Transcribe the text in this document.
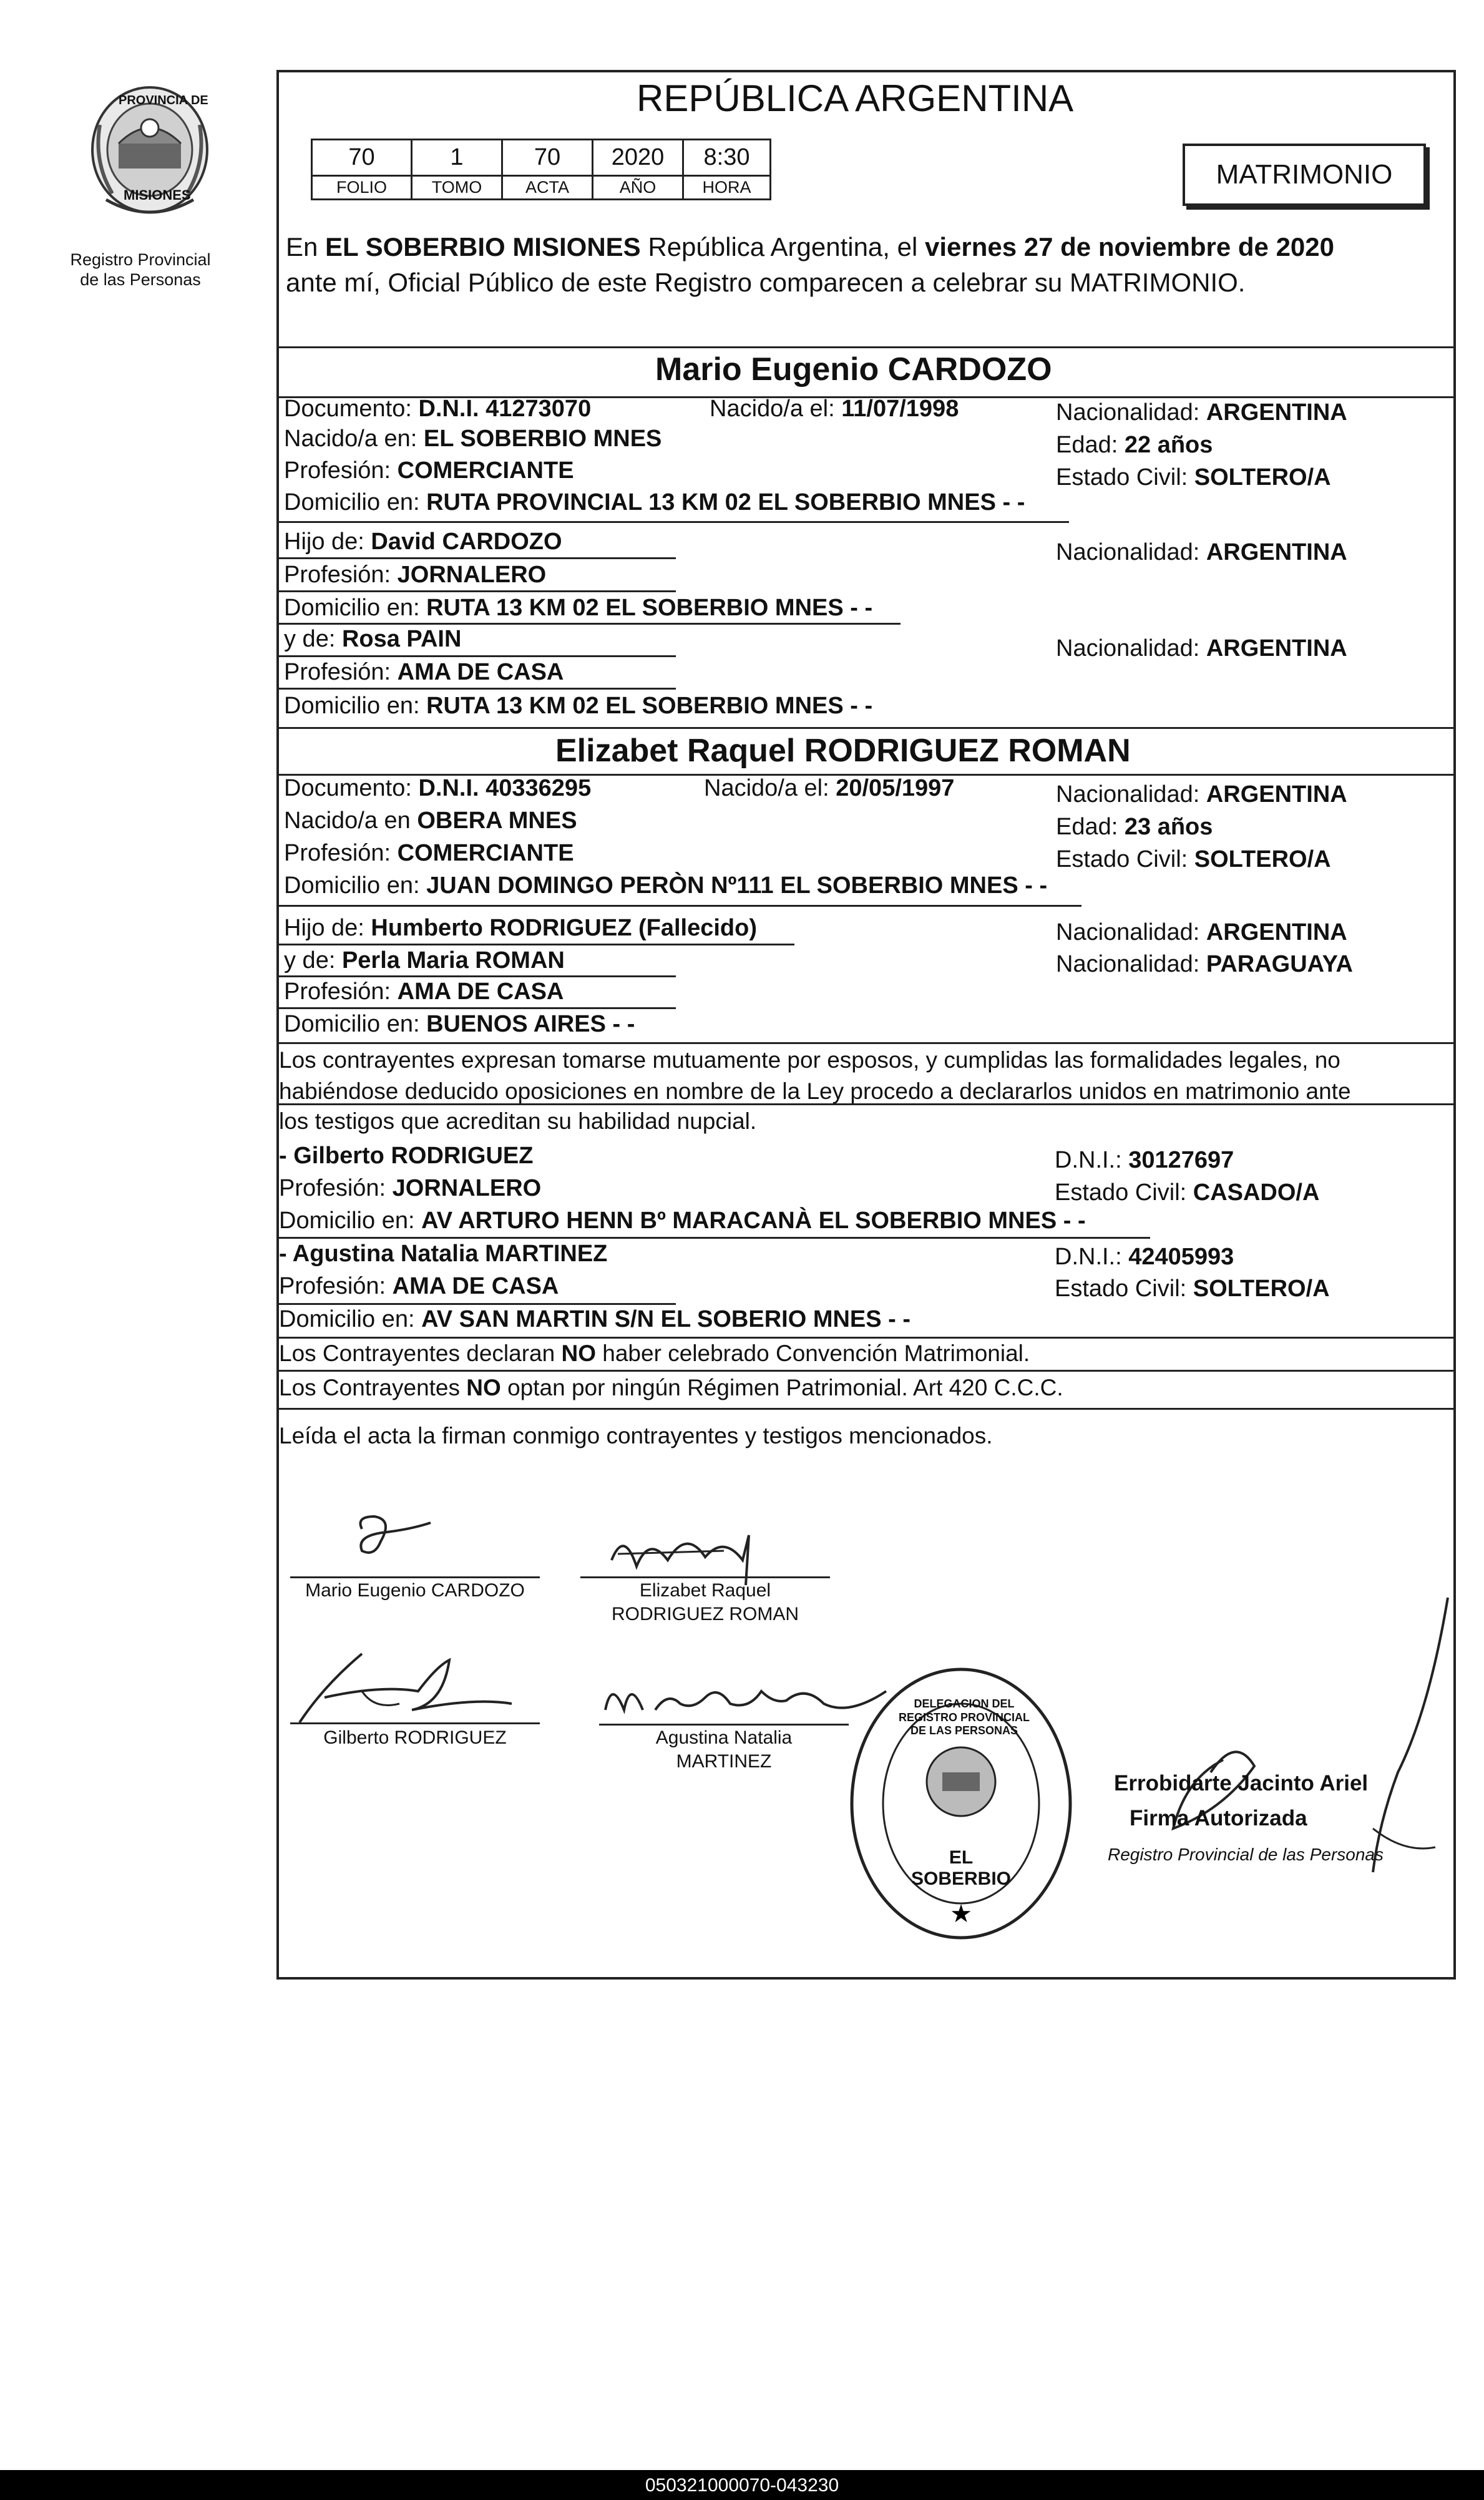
PROVINCIA DE
MISIONES
Registro Provincial
de las Personas
REPÚBLICA ARGENTINA
70	1	70	2020	8:30
FOLIO	TOMO	ACTA	AÑO	HORA	MATRIMONIO
En EL SOBERBIO MISIONES República Argentina, el viernes 27 de noviembre de 2020
ante mí, Oficial Público de este Registro comparecen a celebrar su MATRIMONIO.
Mario Eugenio CARDOZO
Documento: D.N.I. 41273070	Nacido/a el: 11/07/1998	Nacionalidad: ARGENTINA
Nacido/a en: EL SOBERBIO MNES	Edad: 22 años
Profesión: COMERCIANTE	Estado Civil: SOLTERO/A
Domicilio en: RUTA PROVINCIAL 13 KM 02 EL SOBERBIO MNES - -
Hijo de: David CARDOZO	Nacionalidad: ARGENTINA
Profesión: JORNALERO
Domicilio en: RUTA 13 KM 02 EL SOBERBIO MNES - -
y de: Rosa PAIN	Nacionalidad: ARGENTINA
Profesión: AMA DE CASA
Domicilio en: RUTA 13 KM 02 EL SOBERBIO MNES - -
Elizabet Raquel RODRIGUEZ ROMAN
Documento: D.N.I. 40336295	Nacido/a el: 20/05/1997	Nacionalidad: ARGENTINA
Nacido/a en OBERA MNES	Edad: 23 años
Profesión: COMERCIANTE	Estado Civil: SOLTERO/A
Domicilio en: JUAN DOMINGO PERÒN Nº111 EL SOBERBIO MNES - -
Hijo de: Humberto RODRIGUEZ (Fallecido)	Nacionalidad: ARGENTINA
y de: Perla Maria ROMAN	Nacionalidad: PARAGUAYA
Profesión: AMA DE CASA
Domicilio en: BUENOS AIRES - -
Los contrayentes expresan tomarse mutuamente por esposos, y cumplidas las formalidades legales, no
habiéndose deducido oposiciones en nombre de la Ley procedo a declararlos unidos en matrimonio ante
los testigos que acreditan su habilidad nupcial.
- Gilberto RODRIGUEZ	D.N.I.: 30127697
Profesión: JORNALERO	Estado Civil: CASADO/A
Domicilio en: AV ARTURO HENN Bº MARACANÀ EL SOBERBIO MNES - -
- Agustina Natalia MARTINEZ	D.N.I.: 42405993
Profesión: AMA DE CASA	Estado Civil: SOLTERO/A
Domicilio en: AV SAN MARTIN S/N EL SOBERIO MNES - -
Los Contrayentes declaran NO haber celebrado Convención Matrimonial.
Los Contrayentes NO optan por ningún Régimen Patrimonial. Art 420 C.C.C.
Leída el acta la firman conmigo contrayentes y testigos mencionados.
Mario Eugenio CARDOZO	Elizabet Raquel
RODRIGUEZ ROMAN
Gilberto RODRIGUEZ	Agustina Natalia
MARTINEZ
★
DELEGACION DEL REGISTRO PROVINCIAL DE LAS PERSONAS
EL SOBERBIO
Errobidarte Jacinto Ariel
Firma Autorizada
Registro Provincial de las Personas
050321000070-043230
